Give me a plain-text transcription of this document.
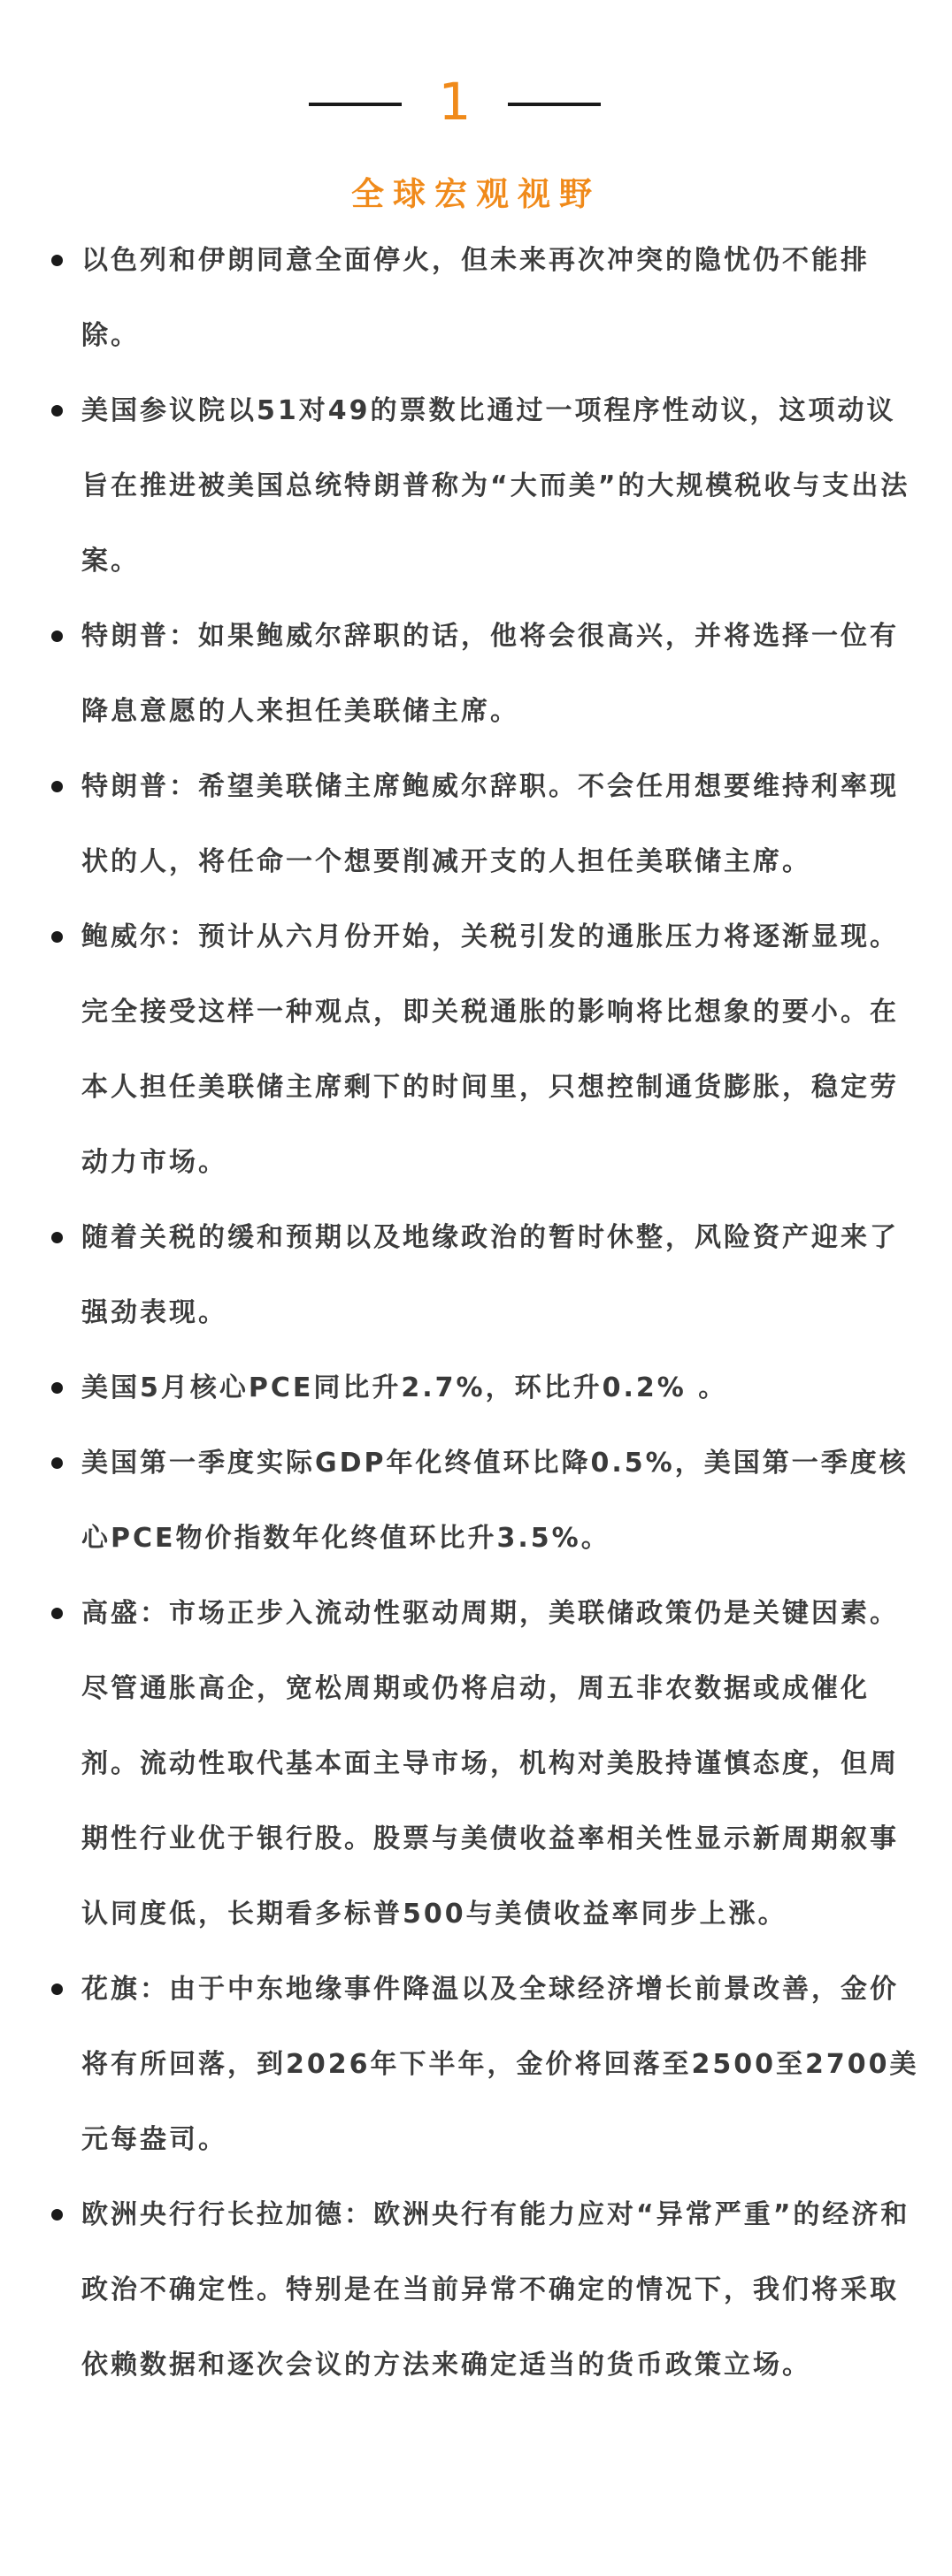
1
全球宏观视野
以色列和伊朗同意全面停火，但未来再次冲突的隐忧仍不能排除。
美国参议院以51对49的票数比通过一项程序性动议，这项动议旨在推进被美国总统特朗普称为“大而美”的大规模税收与支出法案。
特朗普：如果鲍威尔辞职的话，他将会很高兴，并将选择一位有降息意愿的人来担任美联储主席。
特朗普：希望美联储主席鲍威尔辞职。不会任用想要维持利率现状的人，将任命一个想要削减开支的人担任美联储主席。
鲍威尔：预计从六月份开始，关税引发的通胀压力将逐渐显现。完全接受这样一种观点，即关税通胀的影响将比想象的要小。在本人担任美联储主席剩下的时间里，只想控制通货膨胀，稳定劳动力市场。
随着关税的缓和预期以及地缘政治的暂时休整，风险资产迎来了强劲表现。
美国5月核心PCE同比升2.7%，环比升0.2% 。
美国第一季度实际GDP年化终值环比降0.5%，美国第一季度核心PCE物价指数年化终值环比升3.5%。
高盛：市场正步入流动性驱动周期，美联储政策仍是关键因素。尽管通胀高企，宽松周期或仍将启动，周五非农数据或成催化剂。流动性取代基本面主导市场，机构对美股持谨慎态度，但周期性行业优于银行股。股票与美债收益率相关性显示新周期叙事认同度低，长期看多标普500与美债收益率同步上涨。
花旗：由于中东地缘事件降温以及全球经济增长前景改善，金价将有所回落，到2026年下半年，金价将回落至2500至2700美元每盎司。
欧洲央行行长拉加德：欧洲央行有能力应对“异常严重”的经济和政治不确定性。特别是在当前异常不确定的情况下，我们将采取依赖数据和逐次会议的方法来确定适当的货币政策立场。
